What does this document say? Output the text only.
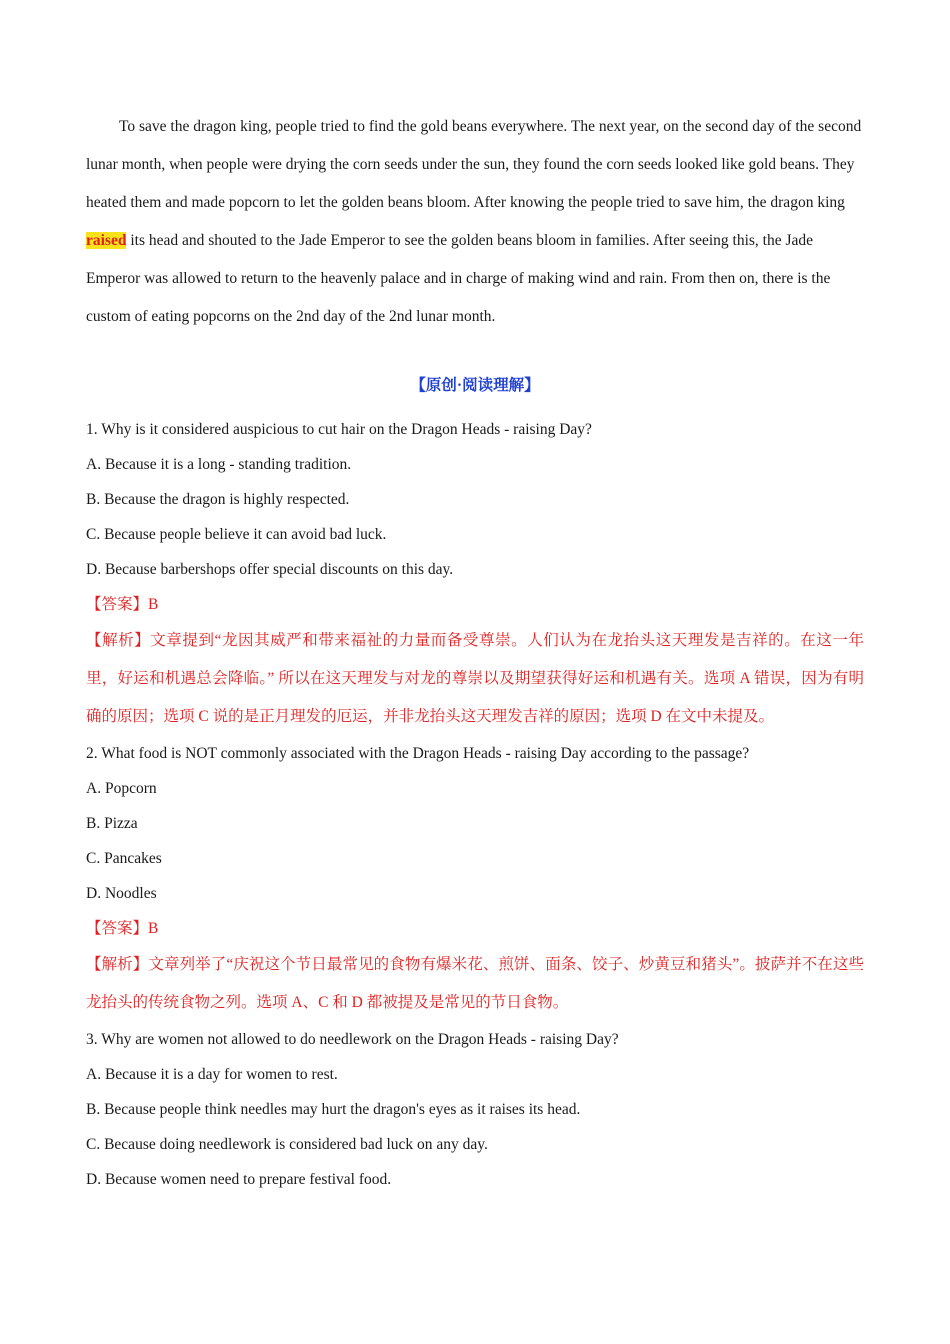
To save the dragon king, people tried to find the gold beans everywhere. The next year, on the second day of the second lunar month, when people were drying the corn seeds under the sun, they found the corn seeds looked like gold beans. They heated them and made popcorn to let the golden beans bloom. After knowing the people tried to save him, the dragon king raised its head and shouted to the Jade Emperor to see the golden beans bloom in families. After seeing this, the Jade Emperor was allowed to return to the heavenly palace and in charge of making wind and rain. From then on, there is the custom of eating popcorns on the 2nd day of the 2nd lunar month.

【原创·阅读理解】

1. Why is it considered auspicious to cut hair on the Dragon Heads - raising Day?

A. Because it is a long - standing tradition.

B. Because the dragon is highly respected.

C. Because people believe it can avoid bad luck.

D. Because barbershops offer special discounts on this day.

【答案】B

【解析】文章提到“龙因其威严和带来福祉的力量而备受尊崇。人们认为在龙抬头这天理发是吉祥的。在这一年里，好运和机遇总会降临。” 所以在这天理发与对龙的尊崇以及期望获得好运和机遇有关。选项 A 错误，因为有明确的原因；选项 C 说的是正月理发的厄运，并非龙抬头这天理发吉祥的原因；选项 D 在文中未提及。

2. What food is NOT commonly associated with the Dragon Heads - raising Day according to the passage?

A. Popcorn

B. Pizza

C. Pancakes

D. Noodles

【答案】B

【解析】文章列举了“庆祝这个节日最常见的食物有爆米花、煎饼、面条、饺子、炒黄豆和猪头”。披萨并不在这些龙抬头的传统食物之列。选项 A、C 和 D 都被提及是常见的节日食物。

3. Why are women not allowed to do needlework on the Dragon Heads - raising Day?

A. Because it is a day for women to rest.

B. Because people think needles may hurt the dragon's eyes as it raises its head.

C. Because doing needlework is considered bad luck on any day.

D. Because women need to prepare festival food.
